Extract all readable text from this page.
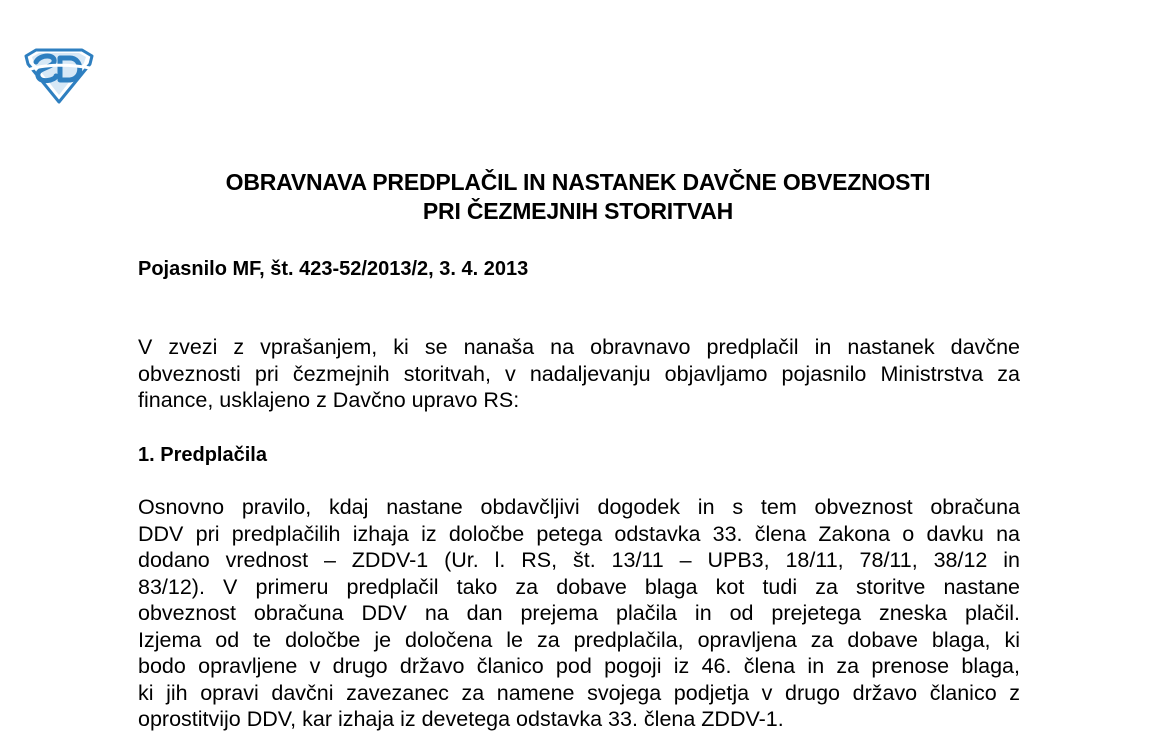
OBRAVNAVA PREDPLAČIL IN NASTANEK DAVČNE OBVEZNOSTI
PRI ČEZMEJNIH STORITVAH
Pojasnilo MF, št. 423-52/2013/2, 3. 4. 2013
V zvezi z vprašanjem, ki se nanaša na obravnavo predplačil in nastanek davčne
obveznosti pri čezmejnih storitvah, v nadaljevanju objavljamo pojasnilo Ministrstva za
finance, usklajeno z Davčno upravo RS:
1. Predplačila
Osnovno pravilo, kdaj nastane obdavčljivi dogodek in s tem obveznost obračuna
DDV pri predplačilih izhaja iz določbe petega odstavka 33. člena Zakona o davku na
dodano vrednost – ZDDV-1 (Ur. l. RS, št. 13/11 – UPB3, 18/11, 78/11, 38/12 in
83/12). V primeru predplačil tako za dobave blaga kot tudi za storitve nastane
obveznost obračuna DDV na dan prejema plačila in od prejetega zneska plačil.
Izjema od te določbe je določena le za predplačila, opravljena za dobave blaga, ki
bodo opravljene v drugo državo članico pod pogoji iz 46. člena in za prenose blaga,
ki jih opravi davčni zavezanec za namene svojega podjetja v drugo državo članico z
oprostitvijo DDV, kar izhaja iz devetega odstavka 33. člena ZDDV-1.
